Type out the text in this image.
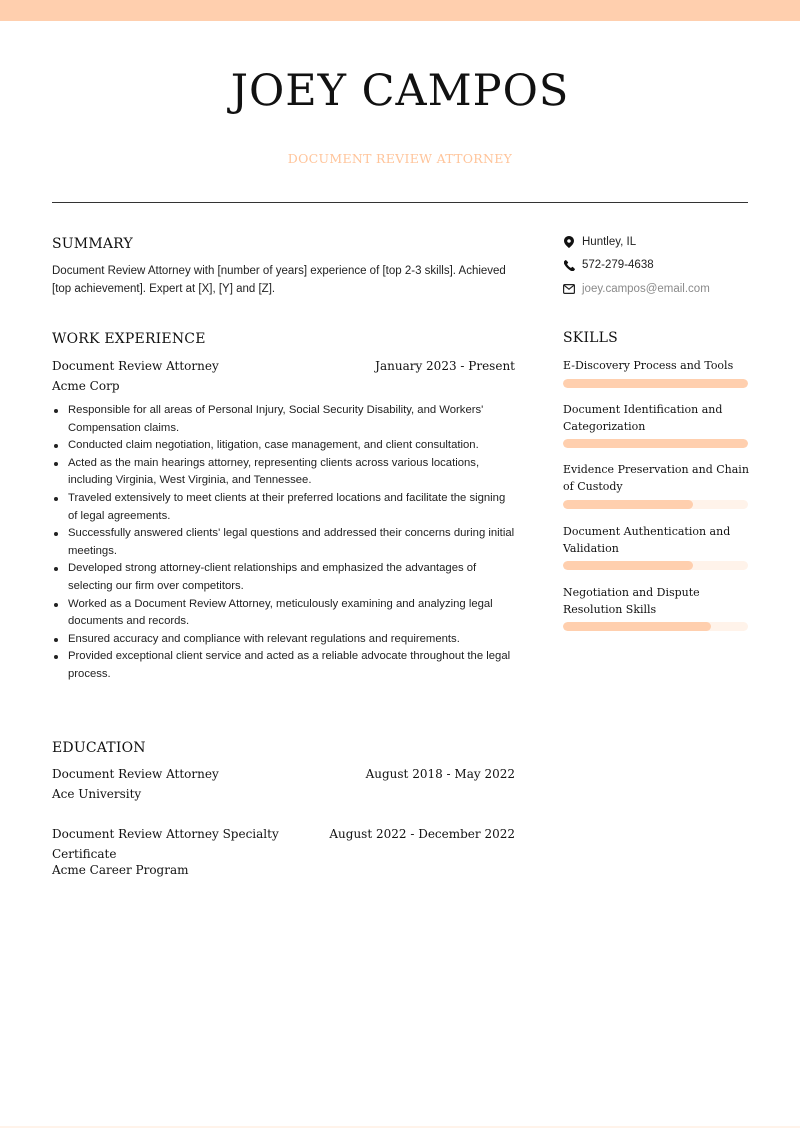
JOEY CAMPOS
DOCUMENT REVIEW ATTORNEY
SUMMARY
Document Review Attorney with [number of years] experience of [top 2-3 skills]. Achieved [top achievement]. Expert at [X], [Y] and [Z].
WORK EXPERIENCE
Document Review Attorney	January 2023 - Present
Acme Corp
Responsible for all areas of Personal Injury, Social Security Disability, and Workers' Compensation claims.
Conducted claim negotiation, litigation, case management, and client consultation.
Acted as the main hearings attorney, representing clients across various locations, including Virginia, West Virginia, and Tennessee.
Traveled extensively to meet clients at their preferred locations and facilitate the signing of legal agreements.
Successfully answered clients' legal questions and addressed their concerns during initial meetings.
Developed strong attorney-client relationships and emphasized the advantages of selecting our firm over competitors.
Worked as a Document Review Attorney, meticulously examining and analyzing legal documents and records.
Ensured accuracy and compliance with relevant regulations and requirements.
Provided exceptional client service and acted as a reliable advocate throughout the legal process.
EDUCATION
Document Review Attorney	August 2018 - May 2022
Ace University
Document Review Attorney Specialty Certificate
August 2022 - December 2022
Acme Career Program
Huntley, IL
572-279-4638
joey.campos@email.com
SKILLS
E-Discovery Process and Tools
Document Identification and Categorization
Evidence Preservation and Chain of Custody
Document Authentication and Validation
Negotiation and Dispute Resolution Skills
